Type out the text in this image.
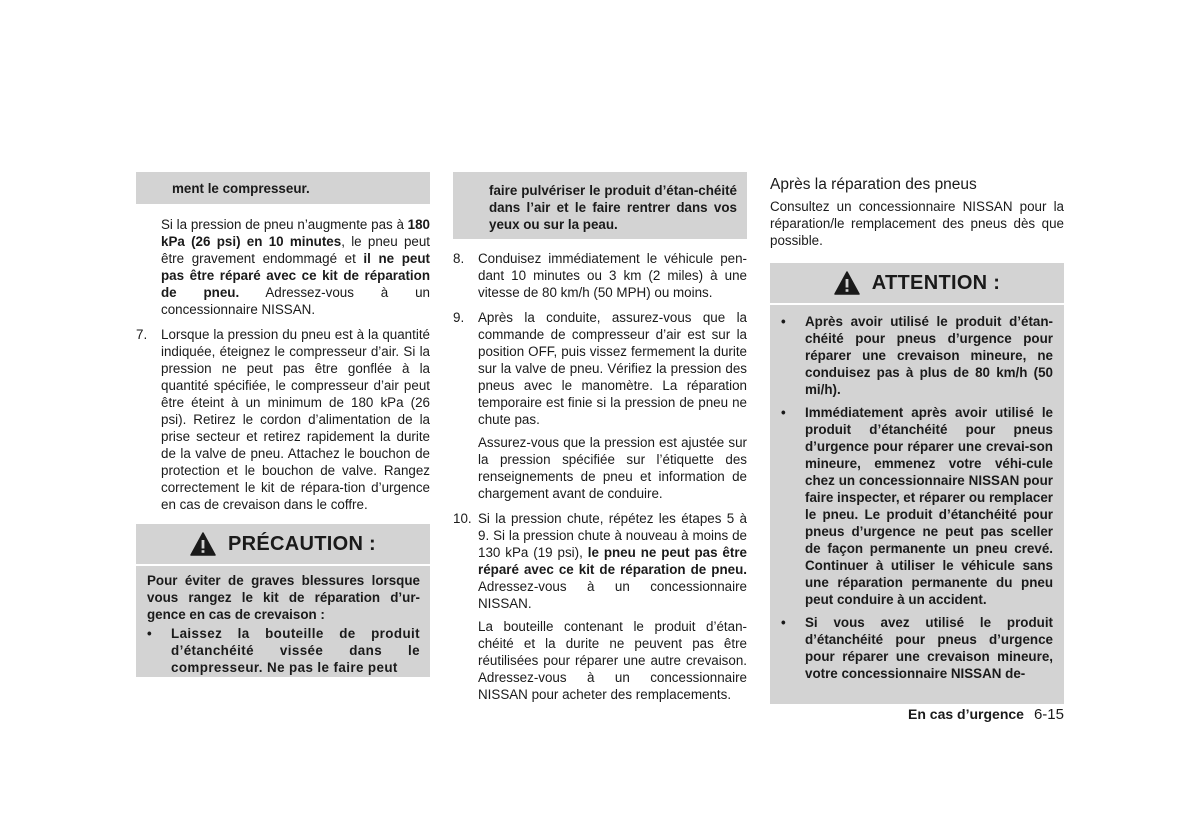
ment le compresseur.
Si la pression de pneu n’augmente pas à 180 kPa (26 psi) en 10 minutes, le pneu peut être gravement endommagé et il ne peut pas être réparé avec ce kit de réparation de pneu. Adressez-vous à un concessionnaire NISSAN.
7. Lorsque la pression du pneu est à la quantité indiquée, éteignez le compresseur d’air. Si la pression ne peut pas être gonflée à la quantité spécifiée, le compresseur d’air peut être éteint à un minimum de 180 kPa (26 psi). Retirez le cordon d’alimentation de la prise secteur et retirez rapidement la durite de la valve de pneu. Attachez le bouchon de protection et le bouchon de valve. Rangez correctement le kit de répara-tion d’urgence en cas de crevaison dans le coffre.
PRÉCAUTION :
Pour éviter de graves blessures lorsque vous rangez le kit de réparation d’ur-gence en cas de crevaison :
• Laissez la bouteille de produit d’étanchéité vissée dans le compresseur. Ne pas le faire peut
faire pulvériser le produit d’étan-chéité dans l’air et le faire rentrer dans vos yeux ou sur la peau.
8. Conduisez immédiatement le véhicule pen-dant 10 minutes ou 3 km (2 miles) à une vitesse de 80 km/h (50 MPH) ou moins.
9. Après la conduite, assurez-vous que la commande de compresseur d’air est sur la position OFF, puis vissez fermement la durite sur la valve de pneu. Vérifiez la pression des pneus avec le manomètre. La réparation temporaire est finie si la pression de pneu ne chute pas.
Assurez-vous que la pression est ajustée sur la pression spécifiée sur l’étiquette des renseignements de pneu et information de chargement avant de conduire.
10. Si la pression chute, répétez les étapes 5 à 9. Si la pression chute à nouveau à moins de 130 kPa (19 psi), le pneu ne peut pas être réparé avec ce kit de réparation de pneu. Adressez-vous à un concessionnaire NISSAN.
La bouteille contenant le produit d’étan-chéité et la durite ne peuvent pas être réutilisées pour réparer une autre crevaison. Adressez-vous à un concessionnaire NISSAN pour acheter des remplacements.
Après la réparation des pneus
Consultez un concessionnaire NISSAN pour la réparation/le remplacement des pneus dès que possible.
ATTENTION :
• Après avoir utilisé le produit d’étan-chéité pour pneus d’urgence pour réparer une crevaison mineure, ne conduisez pas à plus de 80 km/h (50 mi/h).
• Immédiatement après avoir utilisé le produit d’étanchéité pour pneus d’urgence pour réparer une crevai-son mineure, emmenez votre véhi-cule chez un concessionnaire NISSAN pour faire inspecter, et réparer ou remplacer le pneu. Le produit d’étanchéité pour pneus d’urgence ne peut pas sceller de façon permanente un pneu crevé. Continuer à utiliser le véhicule sans une réparation permanente du pneu peut conduire à un accident.
• Si vous avez utilisé le produit d’étanchéité pour pneus d’urgence pour réparer une crevaison mineure, votre concessionnaire NISSAN de-
En cas d’urgence 6-15
